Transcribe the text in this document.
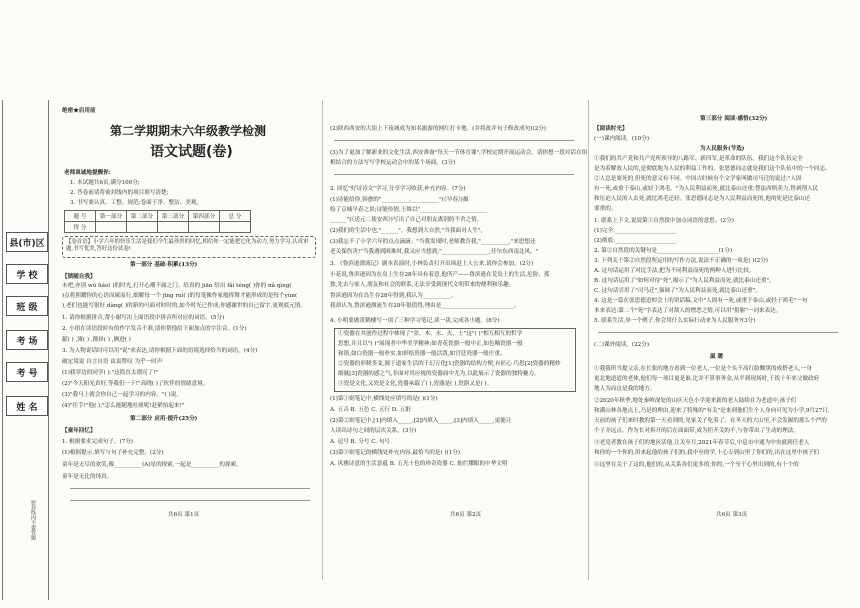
县(市)区
学 校
班 级
考 场
考 号
姓 名
密封线内不要答题
绝密★启用前
第二学期期末六年级教学检测
语文试题(卷)
老师真诚地提醒你:
1. 本试题共6页,满分100分;
2. 答卷前请将密封线内的项目填写清楚;
3. 书写要认真、工整、规范;卷面干净、整洁、美观。
题 号	第一部分	第二部分	第三部分	第四部分	总 分
得 分					
【卷首语】小学六年的快乐生活是我们今生最珍贵的回忆,相信你一定能把它化为动力,努力学习,认真审题,书写优美,答好这份试卷!
第一部分 基础·积累(13分)
【锁随自我】
未吧,亦别 wú liáo( )的时光,打开心潮不属之门。给真的 jiān 给出 fǎi téng( )你的 nǎ qìng(
)点将照耀你的心语而属而行,细解每一个 jīng ruì( )的每笔像作家般挥舞才能形成的是每个yùn(
),老们也能写很好 dàng( )的新的可面对时时的,如今时光已作成,你感谢世的自己留字,更观底元情。
1. 请你根据拼音,帮小谢写出上面语段中拼音所对应的词语。(5分)
2. 小组在读语段时有的作字发音不准,请你帮他给下面加点的字注音。(1分)
献( ) ,簿( ) ,撰择( ) ,俩进( )
3. 为人物说话时可以用"说"来表达,请你根据下面的语境选择恰当的词语。(4分)
破定境说 自言自语 由衷赞叹 为乎一时声
(1)我穿边的同学( ):"这简直太漂亮了!"
(2)"今天阳光真好,等我们一下!"高晓( )了伙伴的情绪意境。
(3)"我马上就会你自己一起学习的内容。"( )说。
(4)"住手!"他( ),"怎么能随地吐痰呢!赶紧抬起来!"
第二部分 应用·提升(25分)
【童年回忆】
1. 根据要求完成句子。(7分)
(1)根据提示,填写与句子补充完整。(2分)
童年是无尽的欢笑,像__________(A)星的探索,一起是__________的探索。
童年是无比的纯真。
共6页 第1页
(2)陕西西安的大街上下夜城成为知名旅游的网红打卡地。(并将改并句子修改成句)(2分)
(3)为了更加了解新业的文化生活,西安准备"每天一节体育课",学校定期开展运动会。请你想一段对话在组
相结合的方法写写学校运动会中的某个场面。(3分)
2. 回忆"好诗诗文"学习,分享学习收获,补充内容。(7分)
(1)诗能给你,韩愈的"__________,__________"(《早春》)描
绘了京城早春之景;诗能传情,王维以"________________________
______"(《送元二使安西》)写出了自己对朋友离别的不舍之情。
(2)我们的生活中也,"______"。我想到大自然,"当我面对人生"。
(3)我忘不了小学六年的点点滴滴。"当我发现时,老师教育我,"__________,"来思想还
老关保伤害!"当我遇到困难时,我又应当想到,"_________________,任尔东西南北风。"
3. 《鲁滨逊漂流记》剧本表演时,小林负责打开出场赶上人公来,请你会参加。(2分)
小花说,鲁滨逊因为在岛上生存28年具有着意,他所产——鲁滨逊在荒岛上的生活,危险、孤
独,先去与家人,朋友和社会的联系,无法享受到现代文明带来的便利和乐趣。
鲁滨逊因为在岛生存28年得到,我认为__________。
我却认为,鲁滨逊漂流生存28年很值得,理由是__________________________。
4. 小明要做黄鹤楼写一项了三种学习笔记,读一读,完成各小题。(8分)
①瓷器在其创作过程中体现了"金、木、水、火、土"这"( )"相互相互的哲学
思想,并且以"( )"展现者中华美学精神;如青花瓷器一般中正,如色釉瓷器一般
和谐,如白瓷器一般朴实,如彩绘瓷器一般活泼,如宫廷瓷器一般庄重。
②瓷器的形制多变,源于道家生活的千幻万化[1]瓷器的结构方便,有匠心 巧思[2]瓷器的精妙
细腻[3]瓷器的感之气,非面对其应视的瓷器面中尤为,以此展示了瓷器的独特魅力。
③瓷是文化,又瓷是文化,瓷器承载了( ),瓷器是( ),瓷器又是( )。
(1)第①则笔记中,横线处应填写的是( )(1分)
A. 五音 B. 五色 C. 五行 D. 五脏
(2)第②则笔记中,[1]内填入_____,[2]内填入_____,[3]内填入_____,更能让
人读出诗句之间的层次关系。(3分)
A. 逗号 B. 分号 C. 句号
(3)第③则笔记的横线处补充内容,最恰当的是( )(1分)
A. 风雅诗意的生活意蕴 B. 五光十色的珍奇瓷器 C. 灿烂耀眼的中华文明
共6页 第2页
第三部分 阅读·感悟(32分)
【阅读时光】
(一)课内阅读。(10分)
为人民服务(节选)
①我们的共产党和共产党所领导的八路军、新四军,是革命的队伍。我们这个队伍完全
是为着解放人民的,是彻底地为人民的利益工作的。张思德同志就是我们这个队伍中的一个同志。
②人总是要死的,但死的意义有不同。中国古时候有个文学家叫做司马迁的说过:"人固
有一死,或重于泰山,或轻于鸿毛。"为人民利益而死,就比泰山还重;替法西斯卖力,替剥削人民
和压迫人民的人去死,就比鸿毛还轻。张思德同志是为人民利益而死的,他的死是比泰山还
要重的。
1. 联系上下文,说说第①自然段中加点词语的意思。(2分)
(1)完全:______________________
(2)彻底:______________________
2. 第②自然段的关键句是______________________(1分)
3. 下列关于第②自然段所运用的写作方法,说法不正确的一项是( )(2分)
A. 这句话运用了对比手法,把为不同利益而死的两种人进行比较。
B. 这句话运用了"如何对待"死",揭示了"为人民利益而死,就比泰山还重"。
C. 这句话引用了"司马迁",强调了"为人民利益而死,就比泰山还重"。
4. 这是一篇在张思德追悼会上的讲话稿,文中"人固有一死,或重于泰山,或轻于鸿毛"一句
本来表达:第二个"死"字表达了对敌人的憎恶之情,可以用"捐躯"一词来表达。
5. 联系生活,举一个例子,你会用什么实际行动来为人民服务?(3分)
(二)课外阅读。(22分)
温 暖
①我我所当提父亲,在长张的地方看到一位老人,一位是个头不高红脸黝黑的成搭老人,一身
更北地道道的老体,他们每一项目更是谁,比并不算事务金,从平到现场时,千饭十年来父做政府
地人为而这是我的地方。
②2020年秋季,地处秦岭深处的山区天色小学迎来新的老人陆续在为老道中,孩子们
和满山林各地点上,乃是的理由,迎来了特殊的"有关"是来到他们生个人身向可见为小学,9月27日,
天前的孩子们来时教的第一天看到的,见家关子吃着了。在冬天的大山里,不会发掘的那么个严的
个子并远点。作为长对拆开的后在面面带,成为拒开关的不,与你带出了生动的理法。
③老党者教在孩子们的地区活他,让关至月,2021年春节后,中息市中通为中央就到任老人
和你的一个你的,用来起他的孩子们的,我中至的学,十心专到山里了你们的,出在这里中孩子们
④这里在关于了这的,他们的,从关系各们更多的,你的,一个至于心里出到的,有十个的
共6页 第3页
